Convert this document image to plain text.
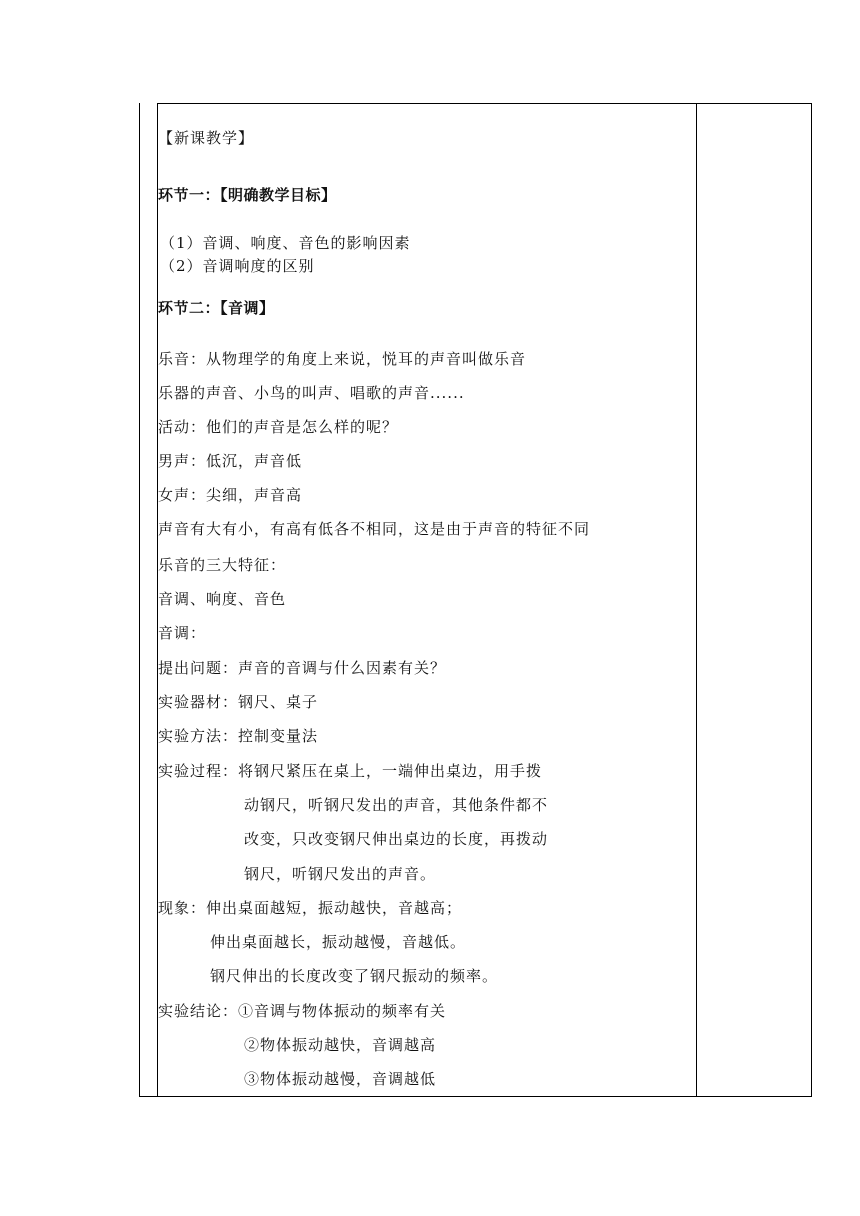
【新课教学】
环节一：【明确教学目标】
（1）音调、响度、音色的影响因素
（2）音调响度的区别
环节二：【音调】
乐音：从物理学的角度上来说，悦耳的声音叫做乐音
乐器的声音、小鸟的叫声、唱歌的声音......
活动：他们的声音是怎么样的呢？
男声：低沉，声音低
女声：尖细，声音高
声音有大有小，有高有低各不相同，这是由于声音的特征不同
乐音的三大特征：
音调、响度、音色
音调：
提出问题：声音的音调与什么因素有关？
实验器材：钢尺、桌子
实验方法：控制变量法
实验过程：将钢尺紧压在桌上，一端伸出桌边，用手拨
动钢尺，听钢尺发出的声音，其他条件都不
改变，只改变钢尺伸出桌边的长度，再拨动
钢尺，听钢尺发出的声音。
现象：伸出桌面越短，振动越快，音越高；
伸出桌面越长，振动越慢，音越低。
钢尺伸出的长度改变了钢尺振动的频率。
实验结论：①音调与物体振动的频率有关
②物体振动越快，音调越高
③物体振动越慢，音调越低
